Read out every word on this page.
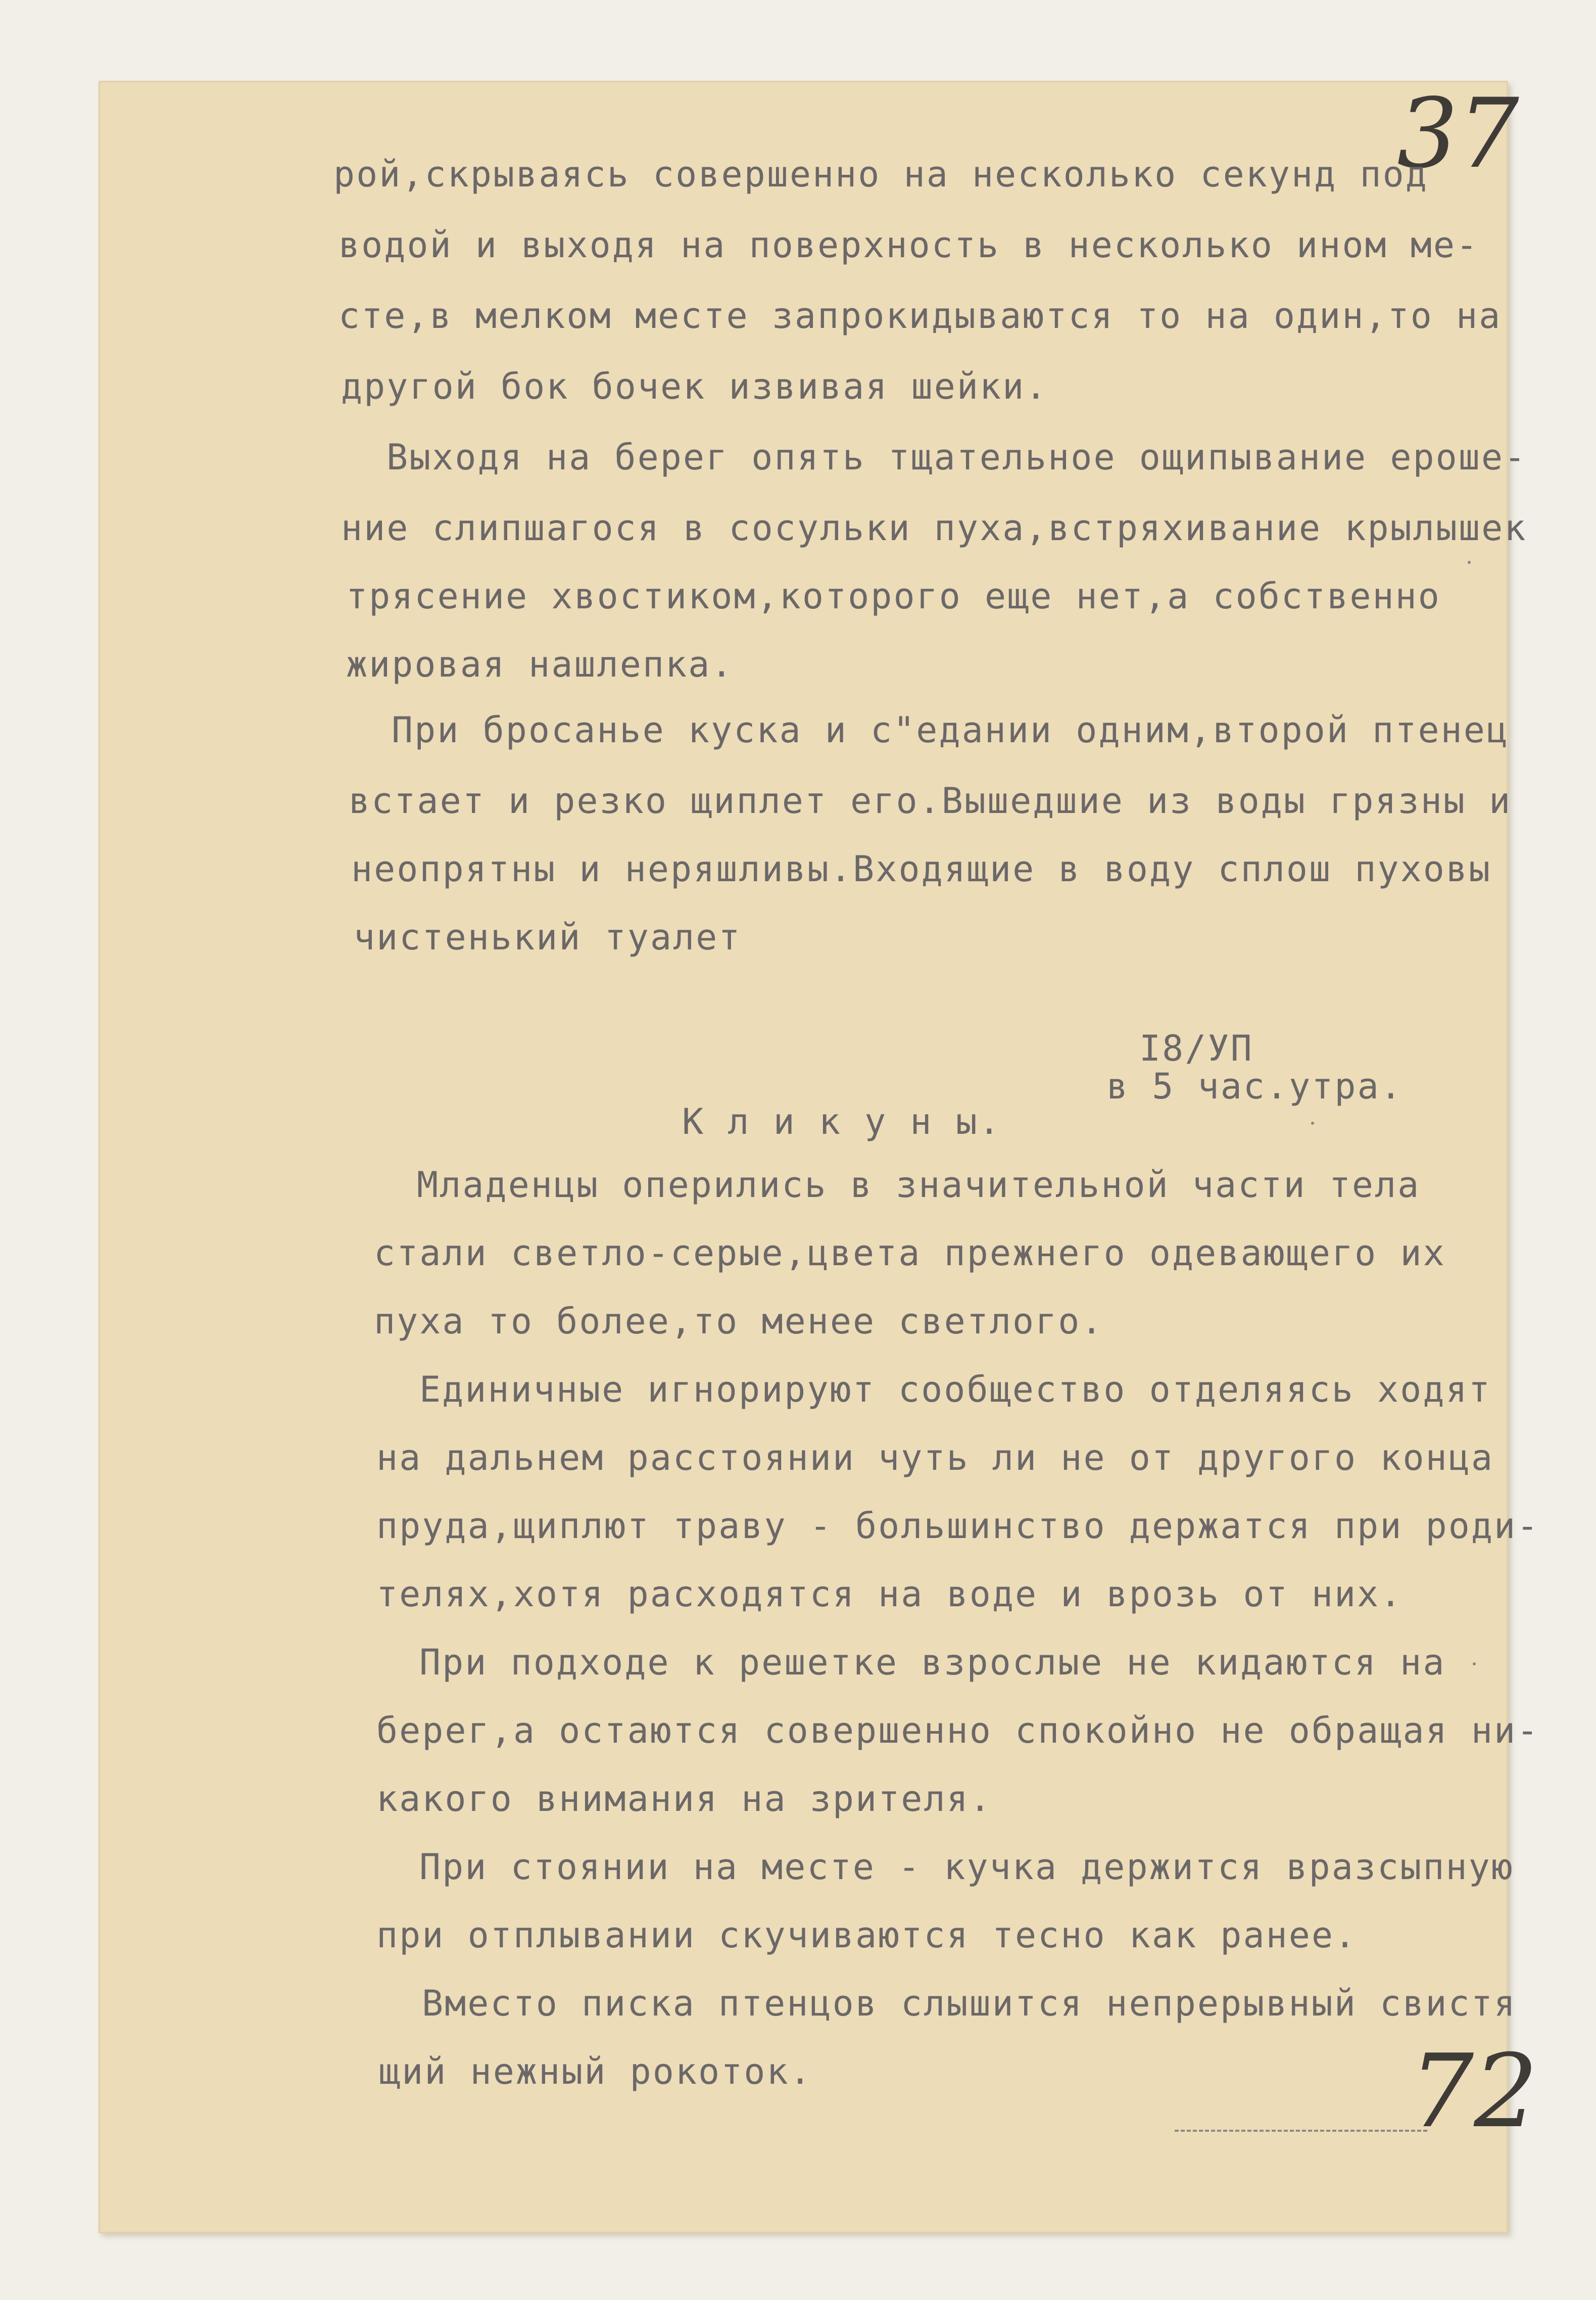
37
рой,скрываясь совершенно на несколько секунд под
водой и выходя на поверхность в несколько ином ме-
сте,в мелком месте запрокидываются то на один,то на
другой бок бочек извивая шейки.
Выходя на берег опять тщательное ощипывание ероше-
ние слипшагося в сосульки пуха,встряхивание крылышек
трясение хвостиком,которого еще нет,а собственно
жировая нашлепка.
При бросанье куска и с"едании одним,второй птенец
встает и резко щиплет его.Вышедшие из воды грязны и
неопрятны и неряшливы.Входящие в воду сплош пуховы
чистенький туалет
I8/УП
в 5 час.утра.
К л и к у н ы.
Младенцы оперились в значительной части тела
стали светло-серые,цвета прежнего одевающего их
пуха то более,то менее светлого.
Единичные игнорируют сообщество отделяясь ходят
на дальнем расстоянии чуть ли не от другого конца
пруда,щиплют траву - большинство держатся при роди-
телях,хотя расходятся на воде и врозь от них.
При подходе к решетке взрослые не кидаются на
берег,а остаются совершенно спокойно не обращая ни-
какого внимания на зрителя.
При стоянии на месте - кучка держится вразсыпную
при отплывании скучиваются тесно как ранее.
Вместо писка птенцов слышится непрерывный свистя
щий нежный рокоток.	72
